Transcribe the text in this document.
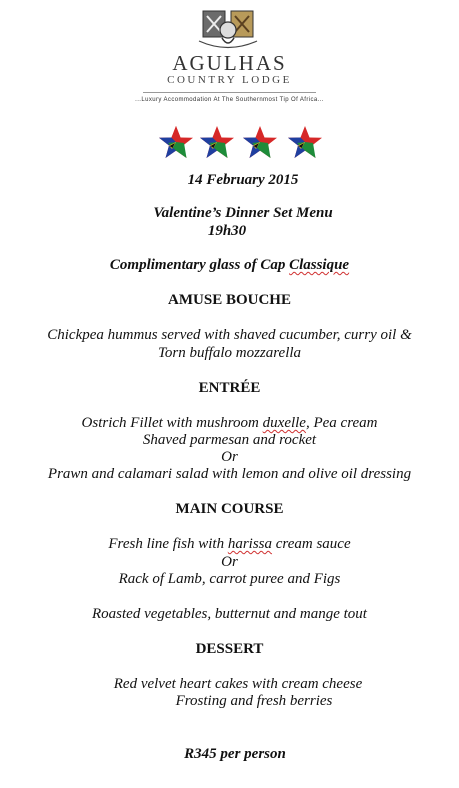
AGULHAS
COUNTRY LODGE
...Luxury Accommodation At The Southernmost Tip Of Africa...
14 February 2015
Valentine’s Dinner Set Menu
19h30
Complimentary glass of Cap Classique
AMUSE BOUCHE
Chickpea hummus served with shaved cucumber, curry oil &
Torn buffalo mozzarella
ENTRÉE
Ostrich Fillet with mushroom duxelle, Pea cream
Shaved parmesan and rocket
Or
Prawn and calamari salad with lemon and olive oil dressing
MAIN COURSE
Fresh line fish with harissa cream sauce
Or
Rack of Lamb, carrot puree and Figs
Roasted vegetables, butternut and mange tout
DESSERT
Red velvet heart cakes with cream cheese
Frosting and fresh berries
R345 per person
